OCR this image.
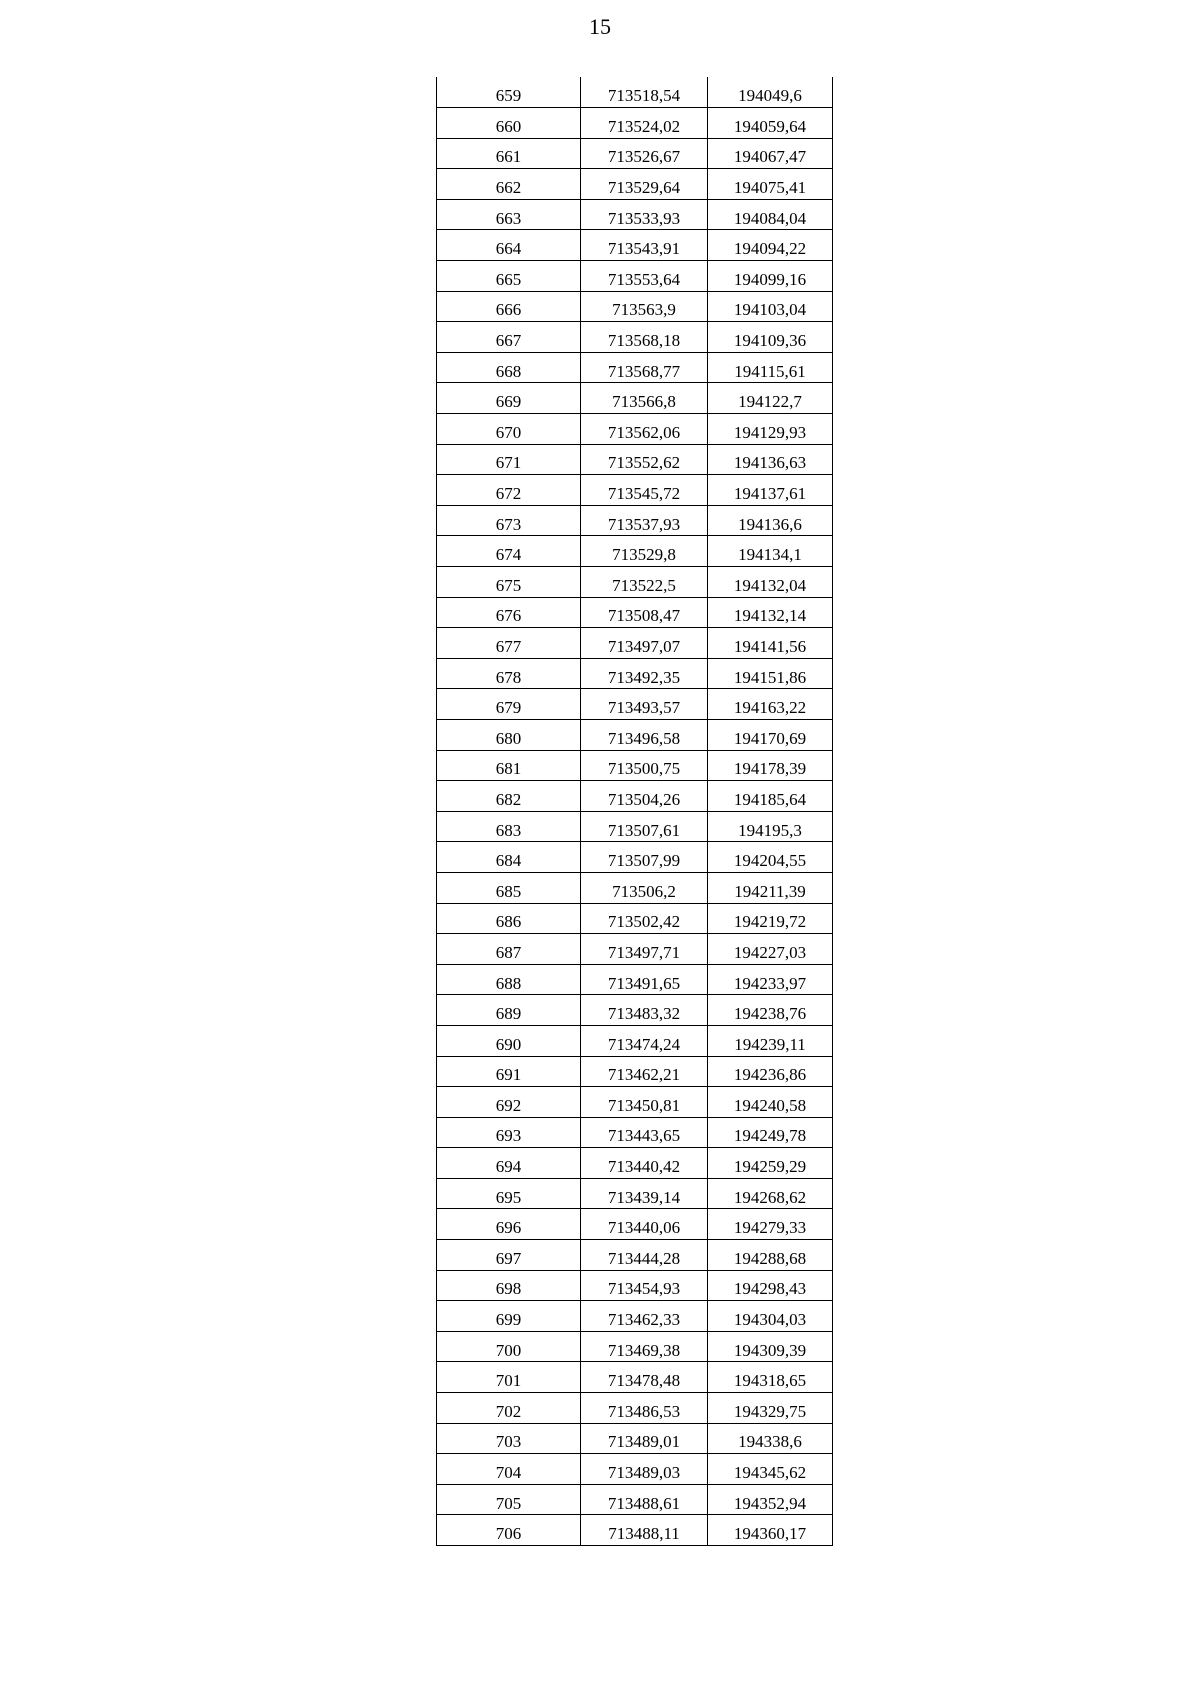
15
659	713518,54	194049,6
660	713524,02	194059,64
661	713526,67	194067,47
662	713529,64	194075,41
663	713533,93	194084,04
664	713543,91	194094,22
665	713553,64	194099,16
666	713563,9	194103,04
667	713568,18	194109,36
668	713568,77	194115,61
669	713566,8	194122,7
670	713562,06	194129,93
671	713552,62	194136,63
672	713545,72	194137,61
673	713537,93	194136,6
674	713529,8	194134,1
675	713522,5	194132,04
676	713508,47	194132,14
677	713497,07	194141,56
678	713492,35	194151,86
679	713493,57	194163,22
680	713496,58	194170,69
681	713500,75	194178,39
682	713504,26	194185,64
683	713507,61	194195,3
684	713507,99	194204,55
685	713506,2	194211,39
686	713502,42	194219,72
687	713497,71	194227,03
688	713491,65	194233,97
689	713483,32	194238,76
690	713474,24	194239,11
691	713462,21	194236,86
692	713450,81	194240,58
693	713443,65	194249,78
694	713440,42	194259,29
695	713439,14	194268,62
696	713440,06	194279,33
697	713444,28	194288,68
698	713454,93	194298,43
699	713462,33	194304,03
700	713469,38	194309,39
701	713478,48	194318,65
702	713486,53	194329,75
703	713489,01	194338,6
704	713489,03	194345,62
705	713488,61	194352,94
706	713488,11	194360,17
